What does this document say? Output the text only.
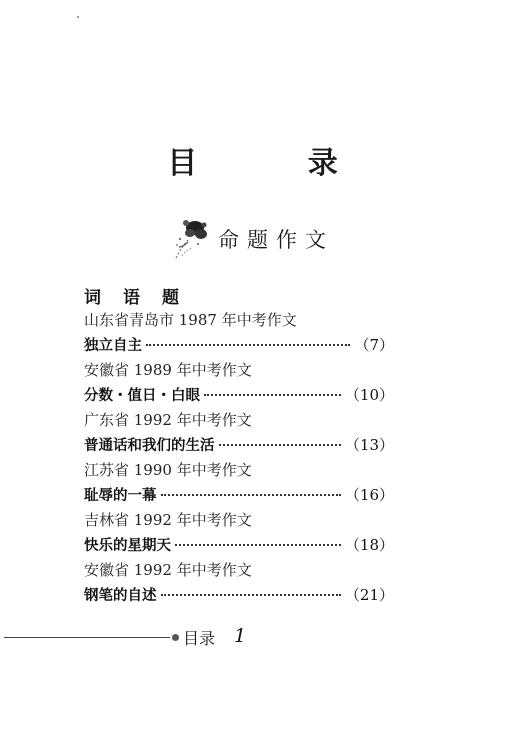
目 录
命题作文
词语题
山东省青岛市 1987 年中考作文
独立自主	（7）
安徽省 1989 年中考作文
分数・值日・白眼	（10）
广东省 1992 年中考作文
普通话和我们的生活	（13）
江苏省 1990 年中考作文
耻辱的一幕	（16）
吉林省 1992 年中考作文
快乐的星期天	（18）
安徽省 1992 年中考作文
钢笔的自述	（21）
目录 1
